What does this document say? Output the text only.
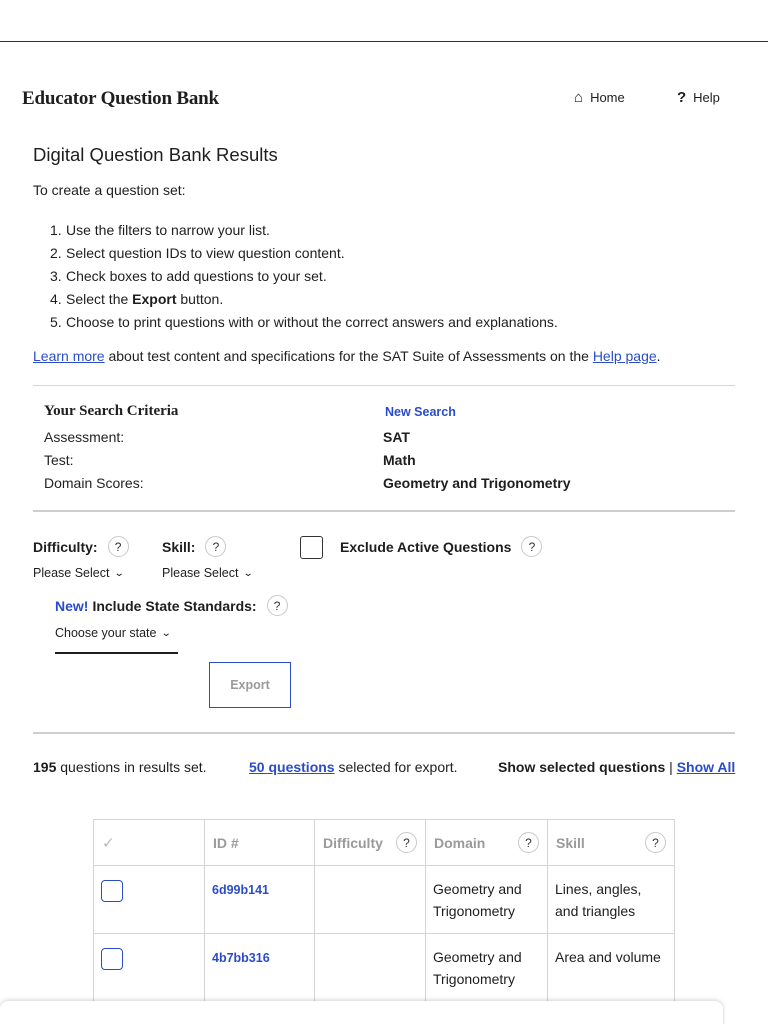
Educator Question Bank	⌂ Home	? Help
Digital Question Bank Results
To create a question set:
1. Use the filters to narrow your list.
2. Select question IDs to view question content.
3. Check boxes to add questions to your set.
4. Select the Export button.
5. Choose to print questions with or without the correct answers and explanations.
Learn more about test content and specifications for the SAT Suite of Assessments on the Help page.
Your Search Criteria	New Search
Assessment:	SAT
Test:	Math
Domain Scores:	Geometry and Trigonometry
Difficulty:	?
Please Select ⌄
Skill:	?
Please Select ⌄
Exclude Active Questions	?
New! Include State Standards:	?
Choose your state ⌄
Export
195 questions in results set.	50 questions selected for export.	Show selected questions | Show All
✓	ID #	Difficulty ?	Domain ?	Skill ?

	6d99b141		Geometry and Trigonometry	Lines, angles, and triangles

	4b7bb316		Geometry and Trigonometry	Area and volume
